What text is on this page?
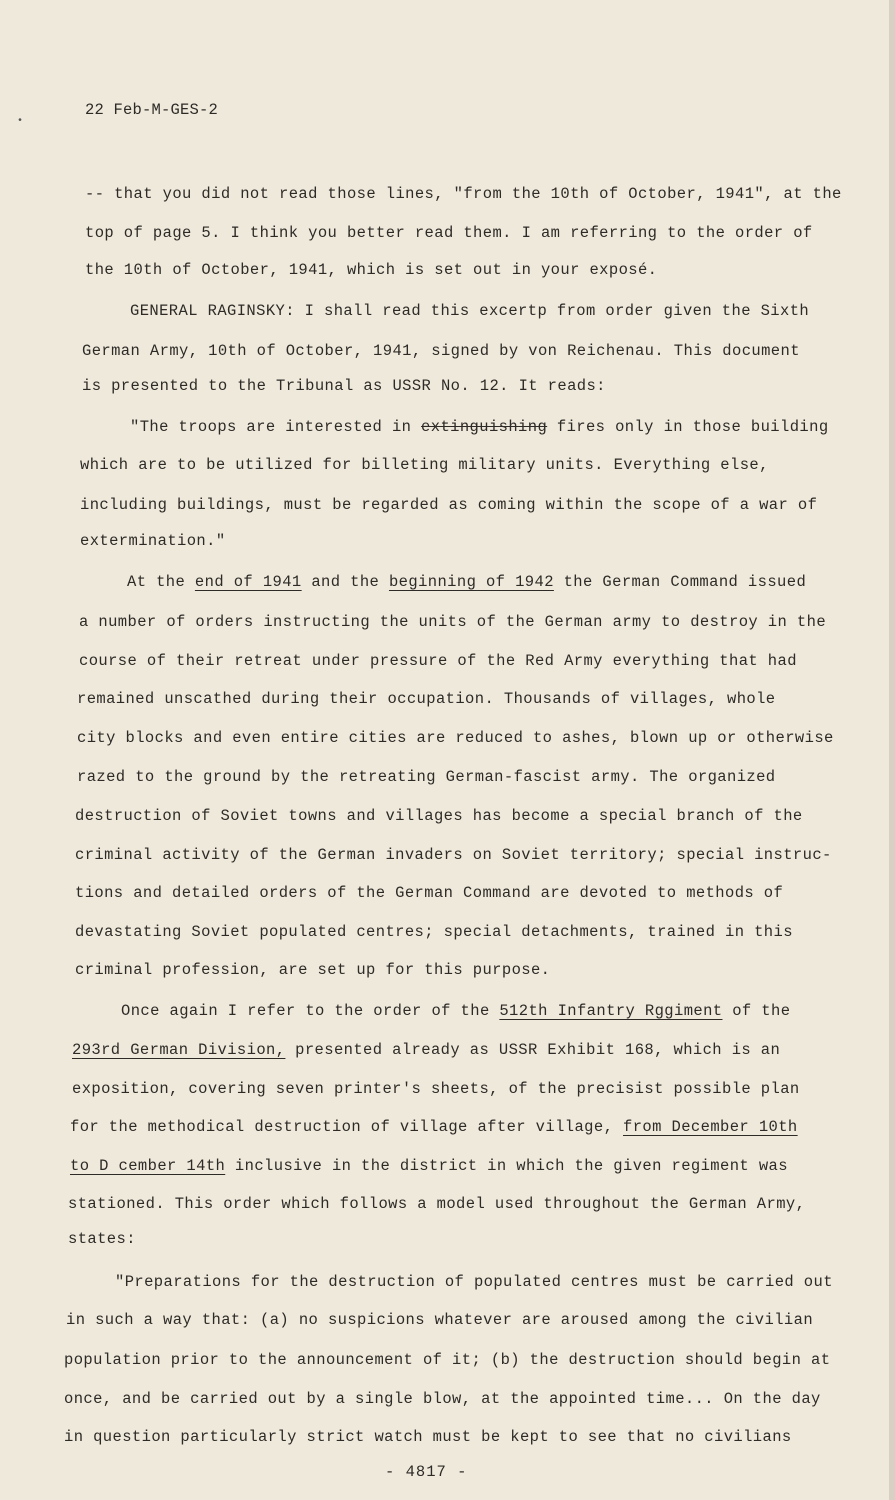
•
22 Feb-M-GES-2
-- that you did not read those lines, "from the 10th of October, 1941", at the
top of page 5. I think you better read them. I am referring to the order of
the 10th of October, 1941, which is set out in your exposé.
GENERAL RAGINSKY: I shall read this excertp from order given the Sixth
German Army, 10th of October, 1941, signed by von Reichenau. This document
is presented to the Tribunal as USSR No. 12. It reads:
"The troops are interested in extinguishing fires only in those building
which are to be utilized for billeting military units. Everything else,
including buildings, must be regarded as coming within the scope of a war of
extermination."
At the end of 1941 and the beginning of 1942 the German Command issued
a number of orders instructing the units of the German army to destroy in the
course of their retreat under pressure of the Red Army everything that had
remained unscathed during their occupation. Thousands of villages, whole
city blocks and even entire cities are reduced to ashes, blown up or otherwise
razed to the ground by the retreating German-fascist army. The organized
destruction of Soviet towns and villages has become a special branch of the
criminal activity of the German invaders on Soviet territory; special instruc-
tions and detailed orders of the German Command are devoted to methods of
devastating Soviet populated centres; special detachments, trained in this
criminal profession, are set up for this purpose.
Once again I refer to the order of the 512th Infantry Rggiment of the
293rd German Division, presented already as USSR Exhibit 168, which is an
exposition, covering seven printer's sheets, of the precisist possible plan
for the methodical destruction of village after village, from December 10th
to D cember 14th inclusive in the district in which the given regiment was
stationed. This order which follows a model used throughout the German Army,
states:
"Preparations for the destruction of populated centres must be carried out
in such a way that: (a) no suspicions whatever are aroused among the civilian
population prior to the announcement of it; (b) the destruction should begin at
once, and be carried out by a single blow, at the appointed time... On the day
in question particularly strict watch must be kept to see that no civilians
- 4817 -
